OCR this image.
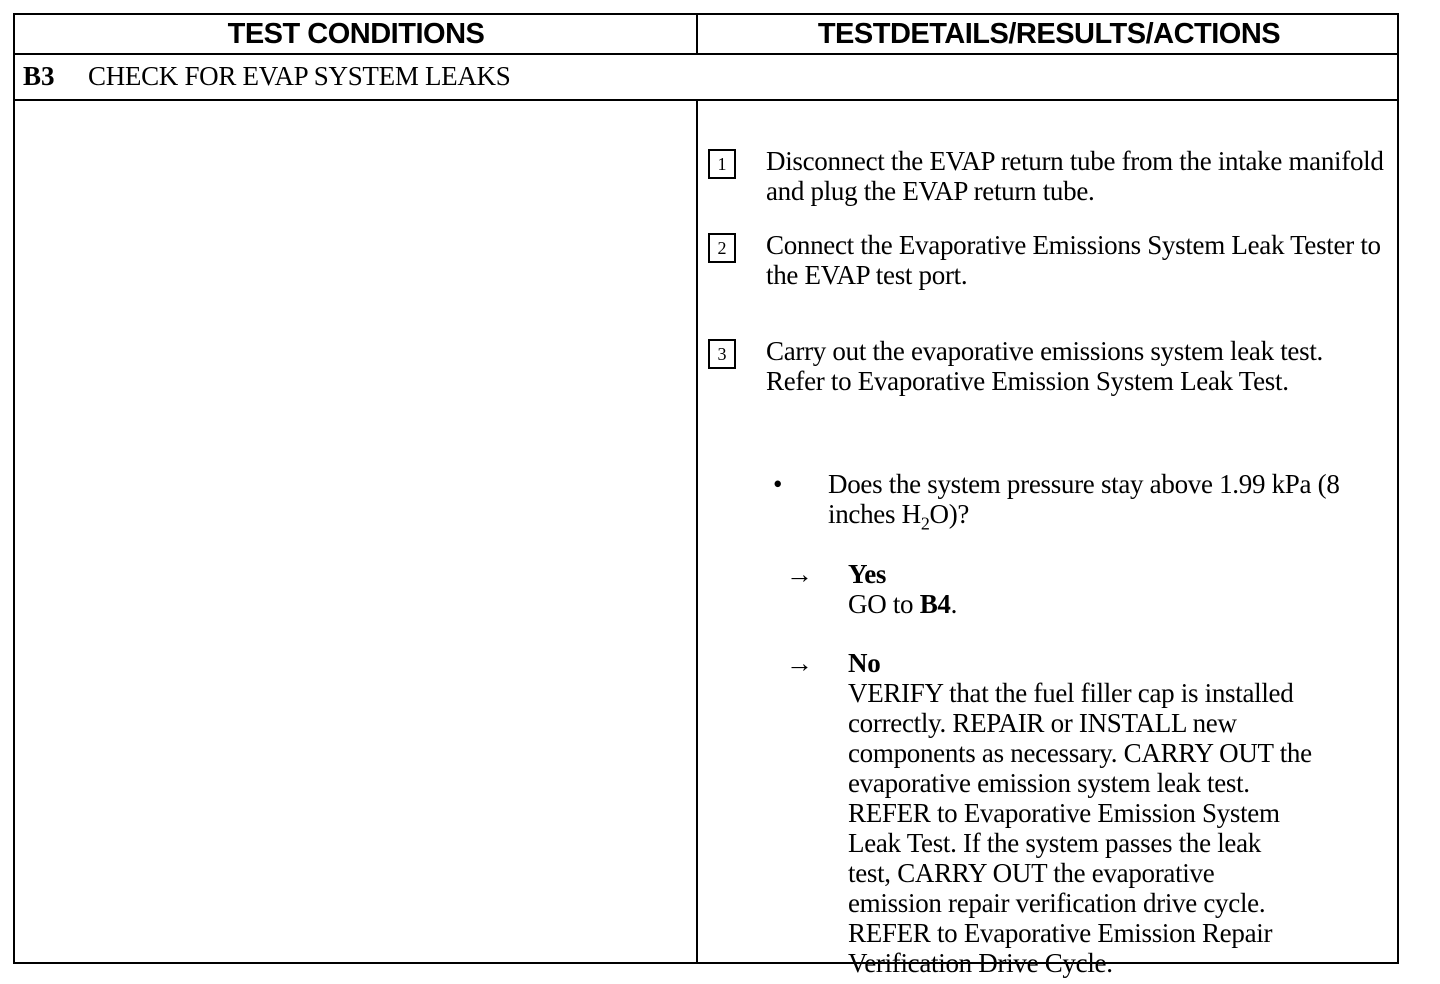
TEST CONDITIONS	TESTDETAILS/RESULTS/ACTIONS
B3 CHECK FOR EVAP SYSTEM LEAKS
1	Disconnect the EVAP return tube from the intake manifold and plug the EVAP return tube.
2	Connect the Evaporative Emissions System Leak Tester to the EVAP test port.
3	Carry out the evaporative emissions system leak test. Refer to Evaporative Emission System Leak Test.
• Does the system pressure stay above 1.99 kPa (8 inches $H_2O$)?
→ Yes
GO to B4.
→ No
VERIFY that the fuel filler cap is installed
correctly. REPAIR or INSTALL new
components as necessary. CARRY OUT the
evaporative emission system leak test.
REFER to Evaporative Emission System
Leak Test. If the system passes the leak
test, CARRY OUT the evaporative
emission repair verification drive cycle.
REFER to Evaporative Emission Repair
Verification Drive Cycle.
